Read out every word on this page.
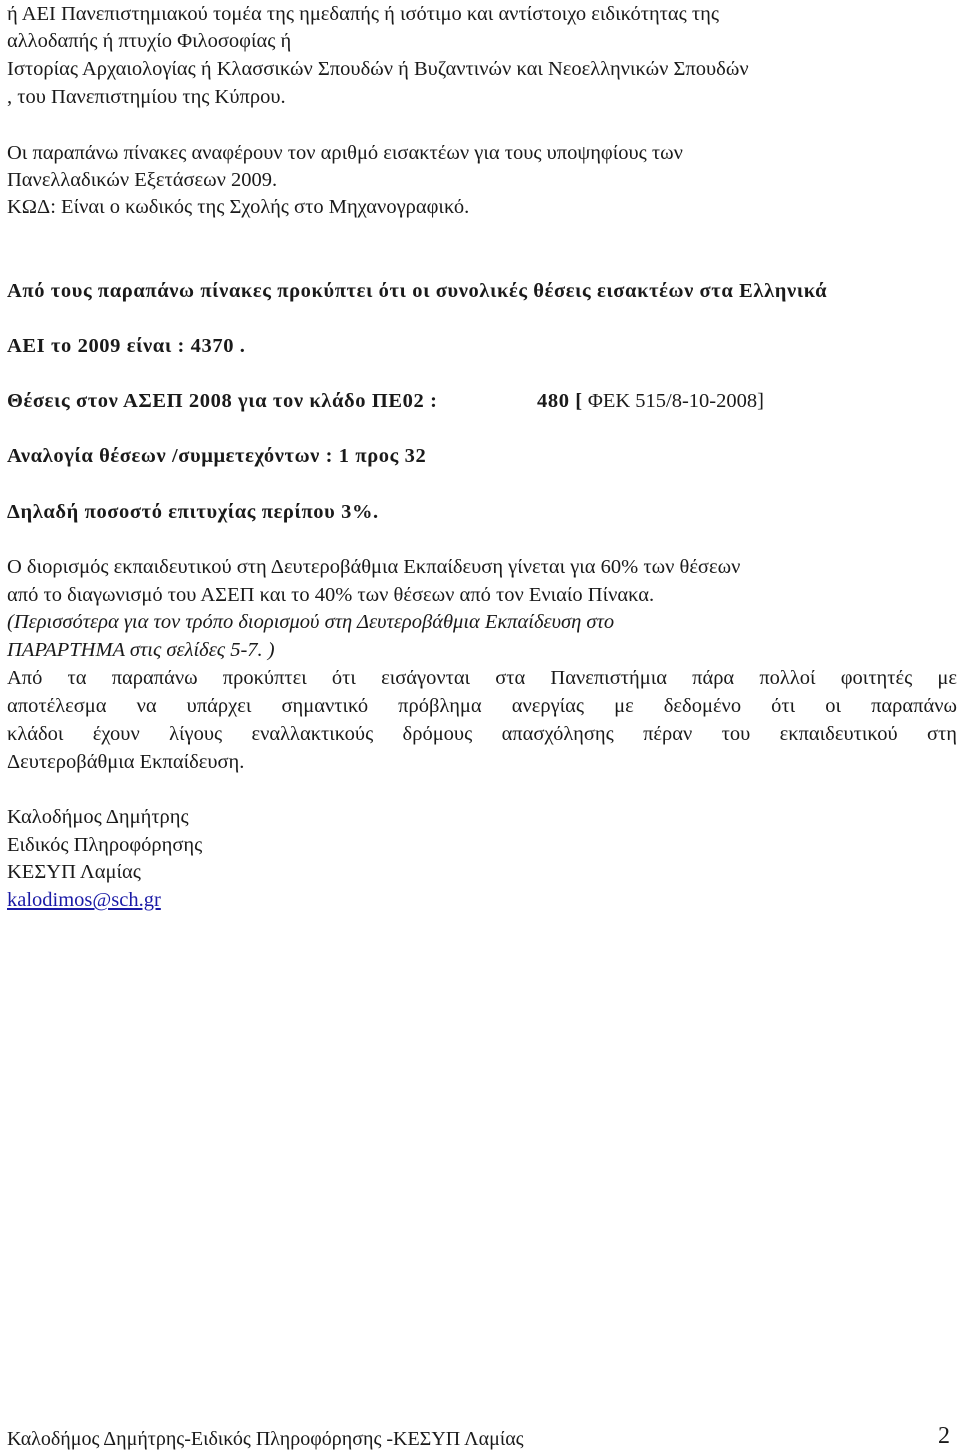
ή ΑΕΙ Πανεπιστημιακού τομέα της ημεδαπής ή ισότιμο και αντίστοιχο ειδικότητας της
αλλοδαπής ή πτυχίο Φιλοσοφίας ή
Ιστορίας Αρχαιολογίας ή Κλασσικών Σπουδών ή Βυζαντινών και Νεοελληνικών Σπουδών
, του Πανεπιστημίου της Κύπρου.
Οι παραπάνω πίνακες αναφέρουν τον αριθμό εισακτέων για τους υποψηφίους των
Πανελλαδικών Εξετάσεων 2009.
ΚΩΔ: Είναι ο κωδικός της Σχολής στο Μηχανογραφικό.
Από τους παραπάνω πίνακες προκύπτει ότι οι συνολικές θέσεις εισακτέων στα Ελληνικά
ΑΕΙ το 2009 είναι : 4370 .
Θέσεις στον ΑΣΕΠ 2008 για τον κλάδο ΠΕ02 :	480 [ ΦΕΚ 515/8-10-2008]
Αναλογία θέσεων /συμμετεχόντων : 1 προς 32
Δηλαδή ποσοστό επιτυχίας περίπου 3%.
Ο διορισμός εκπαιδευτικού στη Δευτεροβάθμια Εκπαίδευση γίνεται για 60% των θέσεων
από το διαγωνισμό του ΑΣΕΠ και το 40% των θέσεων από τον Ενιαίο Πίνακα.
(Περισσότερα για τον τρόπο διορισμού στη Δευτεροβάθμια Εκπαίδευση στο
ΠΑΡΑΡΤΗΜΑ στις σελίδες 5-7. )
Από τα παραπάνω προκύπτει ότι εισάγονται στα Πανεπιστήμια πάρα πολλοί φοιτητές με
αποτέλεσμα να υπάρχει σημαντικό πρόβλημα ανεργίας με δεδομένο ότι οι παραπάνω
κλάδοι έχουν λίγους εναλλακτικούς δρόμους απασχόλησης πέραν του εκπαιδευτικού στη
Δευτεροβάθμια Εκπαίδευση.
Καλοδήμος Δημήτρης
Ειδικός Πληροφόρησης
ΚΕΣΥΠ Λαμίας
kalodimos@sch.gr
Καλοδήμος Δημήτρης-Ειδικός Πληροφόρησης -ΚΕΣΥΠ Λαμίας	2
